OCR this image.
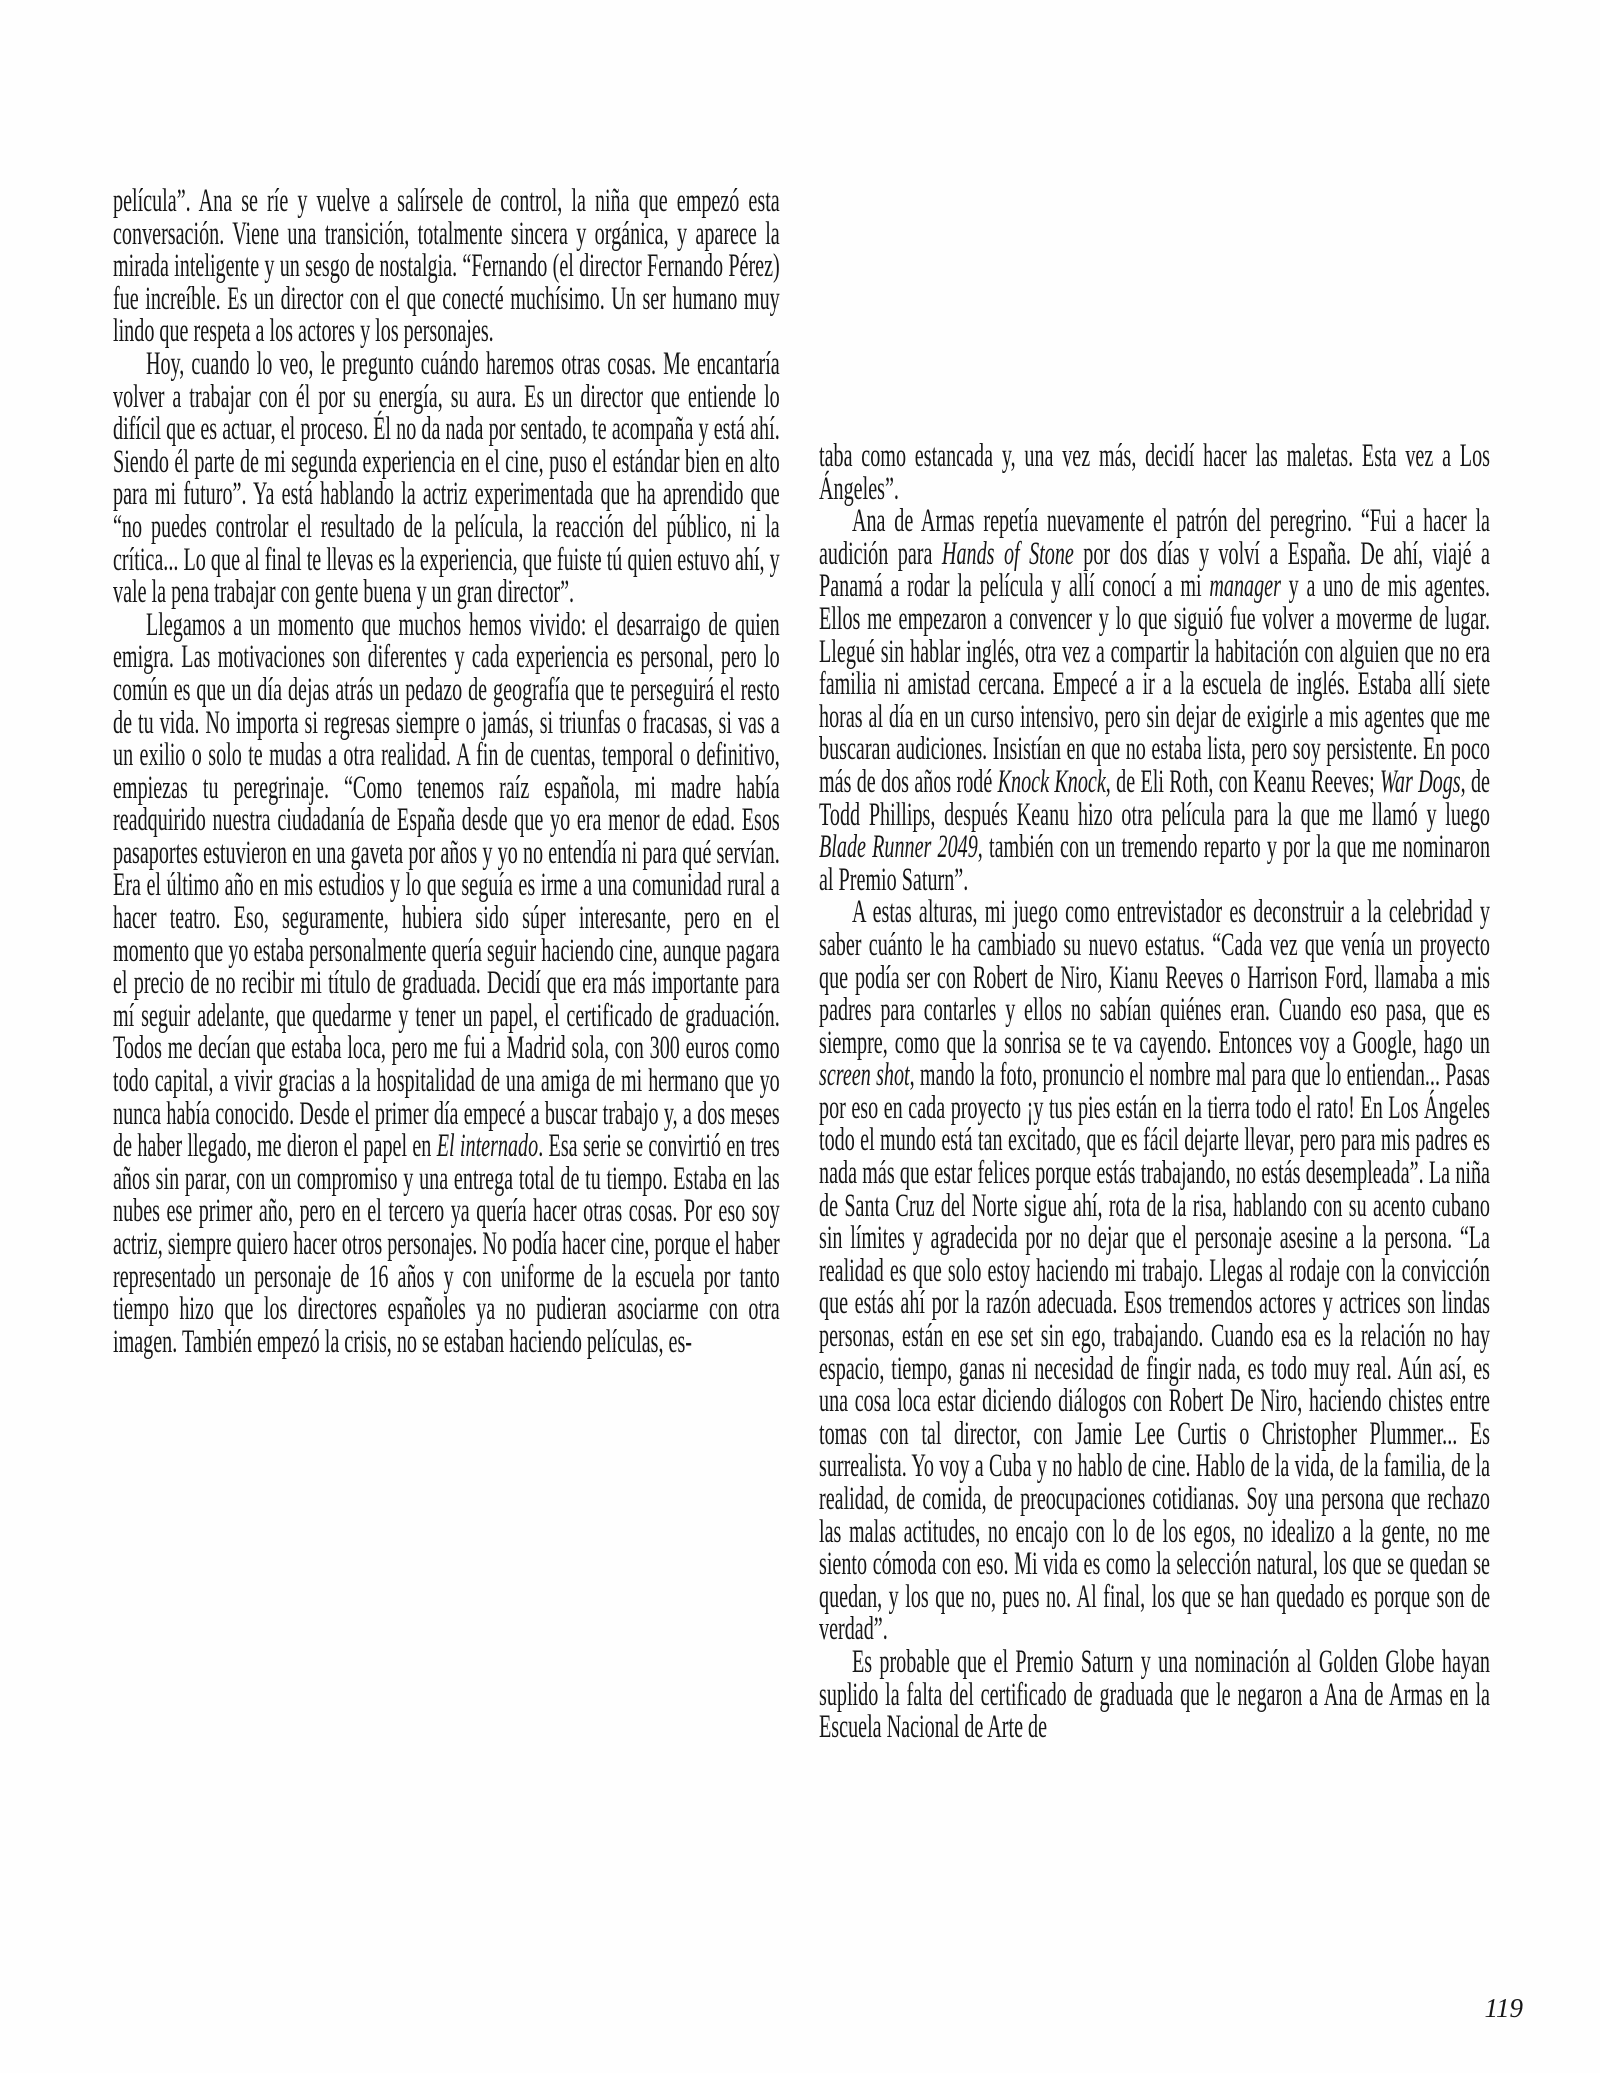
película”. Ana se ríe y vuelve a salírsele de control, la niña que empezó esta conversación. Viene una transición, totalmente sincera y orgánica, y aparece la mirada inteligente y un sesgo de nostalgia. “Fernando (el director Fernando Pérez) fue increíble. Es un director con el que conecté muchísimo. Un ser humano muy lindo que respeta a los actores y los personajes.

Hoy, cuando lo veo, le pregunto cuándo haremos otras cosas. Me encantaría volver a trabajar con él por su energía, su aura. Es un director que entiende lo difícil que es actuar, el proceso. Él no da nada por sentado, te acompaña y está ahí. Siendo él parte de mi segunda experiencia en el cine, puso el estándar bien en alto para mi futuro”. Ya está hablando la actriz experimentada que ha aprendido que “no puedes controlar el resultado de la película, la reacción del público, ni la crítica... Lo que al final te llevas es la experiencia, que fuiste tú quien estuvo ahí, y vale la pena trabajar con gente buena y un gran director”.

Llegamos a un momento que muchos hemos vivido: el desarraigo de quien emigra. Las motivaciones son diferentes y cada experiencia es personal, pero lo común es que un día dejas atrás un pedazo de geografía que te perseguirá el resto de tu vida. No importa si regresas siempre o jamás, si triunfas o fracasas, si vas a un exilio o solo te mudas a otra realidad. A fin de cuentas, temporal o definitivo, empiezas tu peregrinaje. “Como tenemos raíz española, mi madre había readquirido nuestra ciudadanía de España desde que yo era menor de edad. Esos pasaportes estuvieron en una gaveta por años y yo no entendía ni para qué servían. Era el último año en mis estudios y lo que seguía es irme a una comunidad rural a hacer teatro. Eso, seguramente, hubiera sido súper interesante, pero en el momento que yo estaba personalmente quería seguir haciendo cine, aunque pagara el precio de no recibir mi título de graduada. Decidí que era más importante para mí seguir adelante, que quedarme y tener un papel, el certificado de graduación. Todos me decían que estaba loca, pero me fui a Madrid sola, con 300 euros como todo capital, a vivir gracias a la hospitalidad de una amiga de mi hermano que yo nunca había conocido. Desde el primer día empecé a buscar trabajo y, a dos meses de haber llegado, me dieron el papel en El internado. Esa serie se convirtió en tres años sin parar, con un compromiso y una entrega total de tu tiempo. Estaba en las nubes ese primer año, pero en el tercero ya quería hacer otras cosas. Por eso soy actriz, siempre quiero hacer otros personajes. No podía hacer cine, porque el haber representado un personaje de 16 años y con uniforme de la escuela por tanto tiempo hizo que los directores españoles ya no pudieran asociarme con otra imagen. También empezó la crisis, no se estaban haciendo películas, es-

taba como estancada y, una vez más, decidí hacer las maletas. Esta vez a Los Ángeles”.

Ana de Armas repetía nuevamente el patrón del peregrino. “Fui a hacer la audición para Hands of Stone por dos días y volví a España. De ahí, viajé a Panamá a rodar la película y allí conocí a mi manager y a uno de mis agentes. Ellos me empezaron a convencer y lo que siguió fue volver a moverme de lugar. Llegué sin hablar inglés, otra vez a compartir la habitación con alguien que no era familia ni amistad cercana. Empecé a ir a la escuela de inglés. Estaba allí siete horas al día en un curso intensivo, pero sin dejar de exigirle a mis agentes que me buscaran audiciones. Insistían en que no estaba lista, pero soy persistente. En poco más de dos años rodé Knock Knock, de Eli Roth, con Keanu Reeves; War Dogs, de Todd Phillips, después Keanu hizo otra película para la que me llamó y luego Blade Runner 2049, también con un tremendo reparto y por la que me nominaron al Premio Saturn”.

A estas alturas, mi juego como entrevistador es deconstruir a la celebridad y saber cuánto le ha cambiado su nuevo estatus. “Cada vez que venía un proyecto que podía ser con Robert de Niro, Kianu Reeves o Harrison Ford, llamaba a mis padres para contarles y ellos no sabían quiénes eran. Cuando eso pasa, que es siempre, como que la sonrisa se te va cayendo. Entonces voy a Google, hago un screen shot, mando la foto, pronuncio el nombre mal para que lo entiendan... Pasas por eso en cada proyecto ¡y tus pies están en la tierra todo el rato! En Los Ángeles todo el mundo está tan excitado, que es fácil dejarte llevar, pero para mis padres es nada más que estar felices porque estás trabajando, no estás desempleada”. La niña de Santa Cruz del Norte sigue ahí, rota de la risa, hablando con su acento cubano sin límites y agradecida por no dejar que el personaje asesine a la persona. “La realidad es que solo estoy haciendo mi trabajo. Llegas al rodaje con la convicción que estás ahí por la razón adecuada. Esos tremendos actores y actrices son lindas personas, están en ese set sin ego, trabajando. Cuando esa es la relación no hay espacio, tiempo, ganas ni necesidad de fingir nada, es todo muy real. Aún así, es una cosa loca estar diciendo diálogos con Robert De Niro, haciendo chistes entre tomas con tal director, con Jamie Lee Curtis o Christopher Plummer... Es surrealista. Yo voy a Cuba y no hablo de cine. Hablo de la vida, de la familia, de la realidad, de comida, de preocupaciones cotidianas. Soy una persona que rechazo las malas actitudes, no encajo con lo de los egos, no idealizo a la gente, no me siento cómoda con eso. Mi vida es como la selección natural, los que se quedan se quedan, y los que no, pues no. Al final, los que se han quedado es porque son de verdad”.

Es probable que el Premio Saturn y una nominación al Golden Globe hayan suplido la falta del certificado de graduada que le negaron a Ana de Armas en la Escuela Nacional de Arte de

119
